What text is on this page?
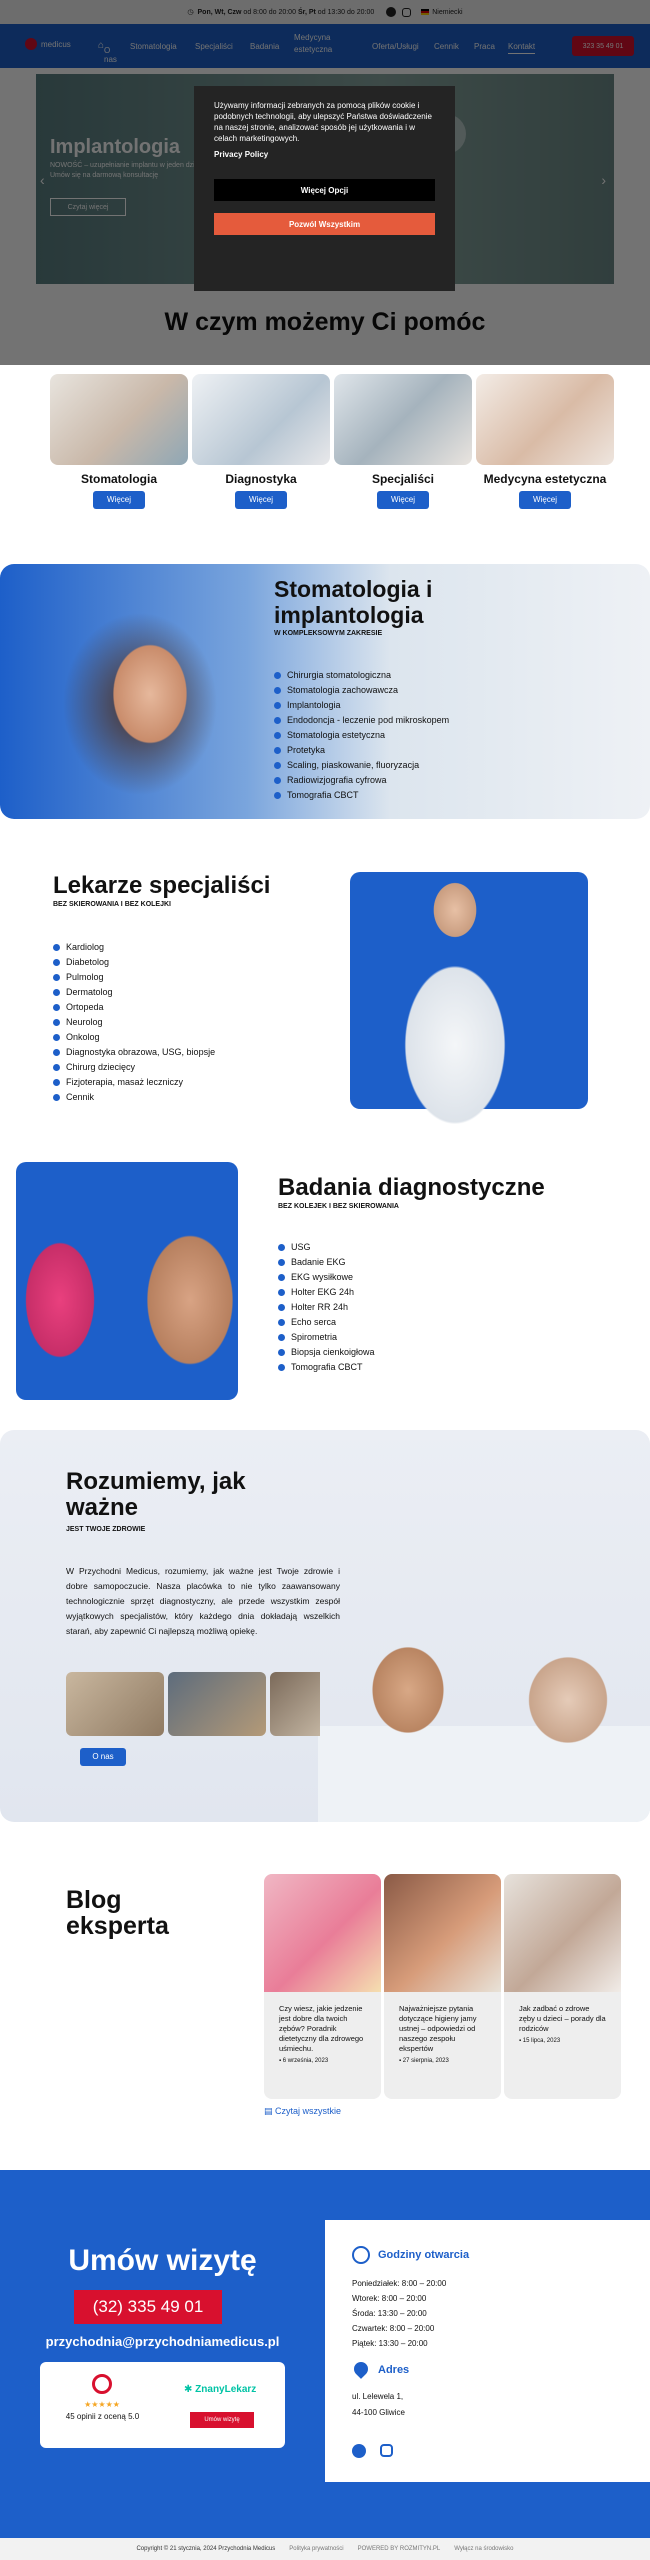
Używamy informacji zebranych za pomocą plików cookie i podobnych technologii, aby ulepszyć Państwa doświadczenie na naszej stronie, analizować sposób jej użytkowania i w celach marketingowych.
Privacy Policy
Więcej Opcji
Pozwól Wszystkim
Stomatologia
Więcej
Diagnostyka
Więcej
Specjaliści
Więcej
Medycyna estetyczna
Więcej
Stomatologia i
implantologia
W KOMPLEKSOWYM ZAKRESIE
Chirurgia stomatologiczna
Stomatologia zachowawcza
Implantologia
Endodoncja - leczenie pod mikroskopem
Stomatologia estetyczna
Protetyka
Scaling, piaskowanie, fluoryzacja
Radiowizjografia cyfrowa
Tomografia CBCT
Lekarze specjaliści
BEZ SKIEROWANIA I BEZ KOLEJKI
Kardiolog
Diabetolog
Pulmolog
Dermatolog
Ortopeda
Neurolog
Onkolog
Diagnostyka obrazowa, USG, biopsje
Chirurg dziecięcy
Fizjoterapia, masaż leczniczy
Cennik
Badania diagnostyczne
BEZ KOLEJEK I BEZ SKIEROWANIA
USG
Badanie EKG
EKG wysiłkowe
Holter EKG 24h
Holter RR 24h
Echo serca
Spirometria
Biopsja cienkoigłowa
Tomografia CBCT
Rozumiemy, jak
ważne
JEST TWOJE ZDROWIE
W Przychodni Medicus, rozumiemy, jak ważne jest Twoje zdrowie i dobre samopoczucie. Nasza placówka to nie tylko zaawansowany technologicznie sprzęt diagnostyczny, ale przede wszystkim zespół wyjątkowych specjalistów, który każdego dnia dokładają wszelkich starań, aby zapewnić Ci najlepszą możliwą opiekę.
O nas
Blog
eksperta
Czy wiesz, jakie jedzenie jest dobre dla twoich zębów? Poradnik dietetyczny dla zdrowego uśmiechu.
▪ 6 września, 2023
Najważniejsze pytania dotyczące higieny jamy ustnej – odpowiedzi od naszego zespołu ekspertów
▪ 27 sierpnia, 2023
Jak zadbać o zdrowe zęby u dzieci – porady dla rodziców
▪ 15 lipca, 2023
▤ Czytaj wszystkie
Umów wizytę
(32) 335 49 01
przychodnia@przychodniamedicus.pl
★★★★★
45 opinii z oceną 5.0
✱ ZnanyLekarz
Umów wizytę
Godziny otwarcia
Poniedziałek: 8:00 – 20:00
Wtorek: 8:00 – 20:00
Środa: 13:30 – 20:00
Czwartek: 8:00 – 20:00
Piątek: 13:30 – 20:00
Adres
ul. Lelewela 1,
44-100 Gliwice
Copyright © 21 stycznia, 2024 Przychodnia Medicus Polityka prywatności POWERED BY ROZMITYN.PL Wyłącz na środowisko
